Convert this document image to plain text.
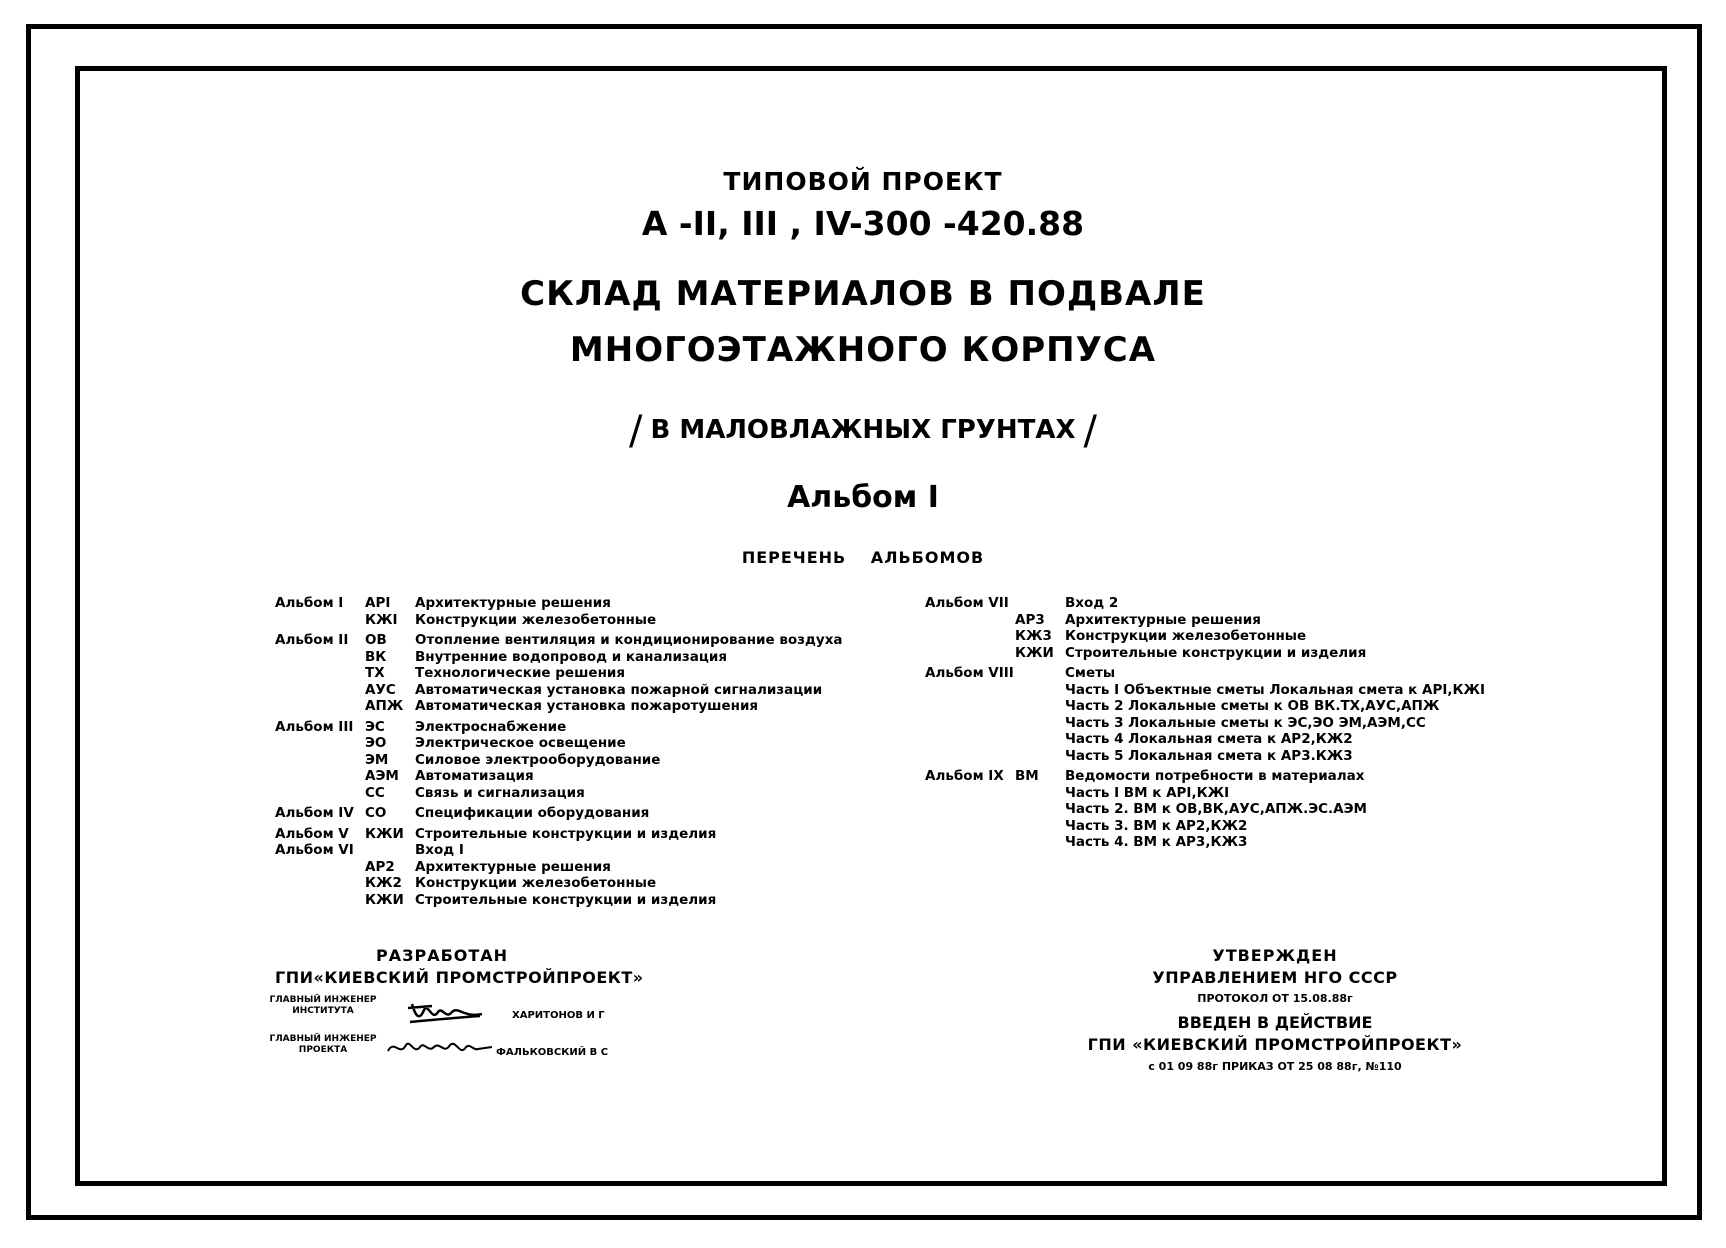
ТИПОВОЙ ПРОЕКТ
А -II, III , IV-300 -420.88
СКЛАД МАТЕРИАЛОВ В ПОДВАЛЕ
МНОГОЭТАЖНОГО КОРПУСА
/ В МАЛОВЛАЖНЫХ ГРУНТАХ /
Альбом I
ПЕРЕЧЕНЬ АЛЬБОМОВ
Альбом I АРI Архитектурные решения
КЖI Конструкции железобетонные
Альбом II ОВ Отопление вентиляция и кондиционирование воздуха
ВК Внутренние водопровод и канализация
ТХ Технологические решения
АУС Автоматическая установка пожарной сигнализации
АПЖ Автоматическая установка пожаротушения
Альбом III ЭС Электроснабжение
ЭО Электрическое освещение
ЭМ Силовое электрооборудование
АЭМ Автоматизация
СС Связь и сигнализация
Альбом IV СО Спецификации оборудования
Альбом V КЖИ Строительные конструкции и изделия
Альбом VI	Вход I
АР2 Архитектурные решения
КЖ2 Конструкции железобетонные
КЖИ Строительные конструкции и изделия
Альбом VII	Вход 2
АР3 Архитектурные решения
КЖ3 Конструкции железобетонные
КЖИ Строительные конструкции и изделия
Альбом VIII	Сметы
Часть I Объектные сметы Локальная смета к АРI,КЖI
Часть 2 Локальные сметы к ОВ ВК.ТХ,АУС,АПЖ
Часть 3 Локальные сметы к ЭС,ЭО ЭМ,АЭМ,СС
Часть 4 Локальная смета к АР2,КЖ2
Часть 5 Локальная смета к АР3.КЖ3
Альбом IX ВМ Ведомости потребности в материалах
Часть I ВМ к АРI,КЖI
Часть 2. ВМ к ОВ,ВК,АУС,АПЖ.ЭС.АЭМ
Часть 3. ВМ к АР2,КЖ2
Часть 4. ВМ к АР3,КЖ3
РАЗРАБОТАН
ГПИ«КИЕВСКИЙ ПРОМСТРОЙПРОЕКТ»
ГЛАВНЫЙ ИНЖЕНЕР ИНСТИТУТА
ГЛАВНЫЙ ИНЖЕНЕР ПРОЕКТА
ХАРИТОНОВ И Г
ФАЛЬКОВСКИЙ В С
УТВЕРЖДЕН
УПРАВЛЕНИЕМ НГО СССР
ПРОТОКОЛ ОТ 15.08.88г
ВВЕДЕН В ДЕЙСТВИЕ
ГПИ «КИЕВСКИЙ ПРОМСТРОЙПРОЕКТ»
с 01 09 88г ПРИКАЗ ОТ 25 08 88г, №110
